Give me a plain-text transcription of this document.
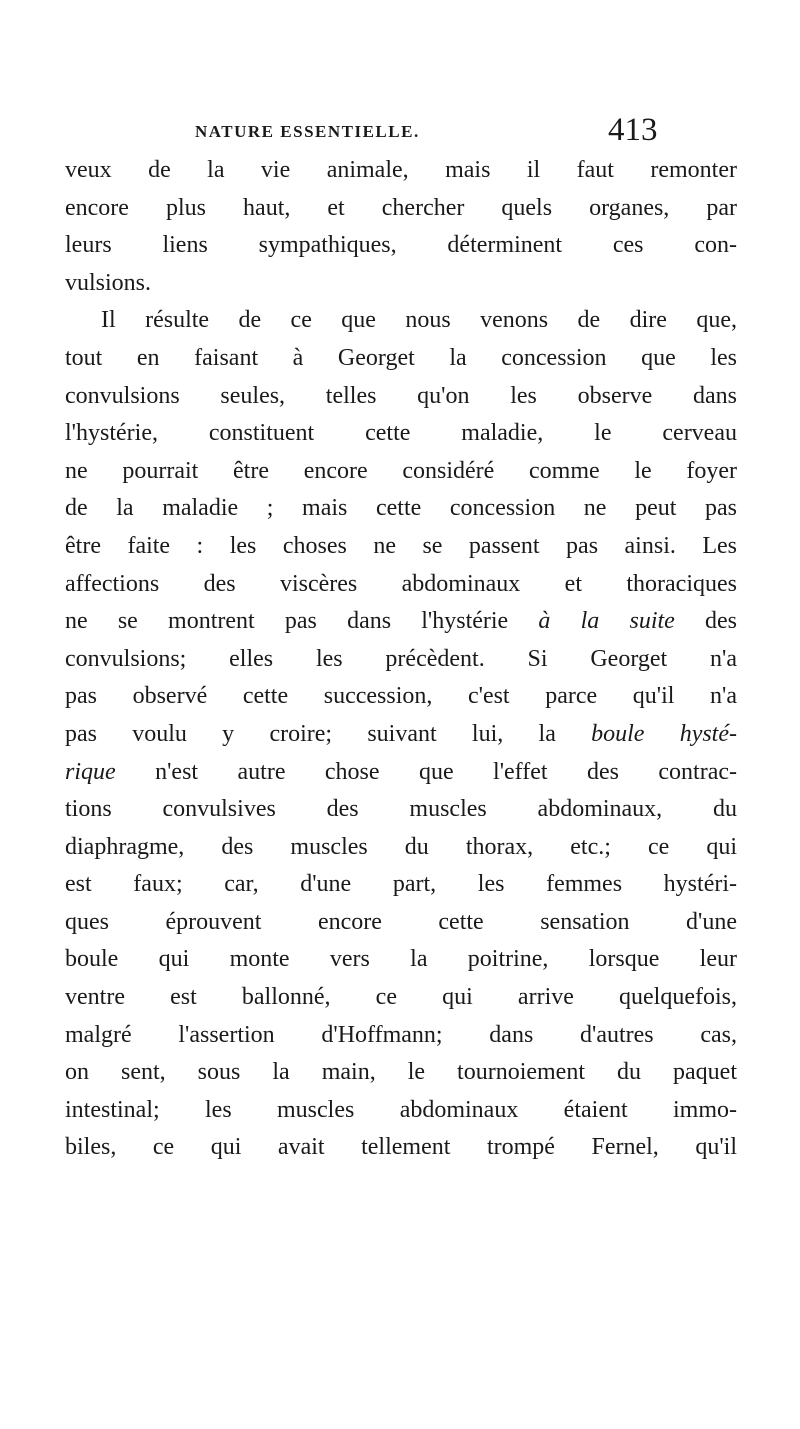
NATURE ESSENTIELLE.	413
veux de la vie animale, mais il faut remonter
encore plus haut, et chercher quels organes, par
leurs liens sympathiques, déterminent ces con-
vulsions.
Il résulte de ce que nous venons de dire que,
tout en faisant à Georget la concession que les
convulsions seules, telles qu'on les observe dans
l'hystérie, constituent cette maladie, le cerveau
ne pourrait être encore considéré comme le foyer
de la maladie ; mais cette concession ne peut pas
être faite : les choses ne se passent pas ainsi. Les
affections des viscères abdominaux et thoraciques
ne se montrent pas dans l'hystérie à la suite des
convulsions; elles les précèdent. Si Georget n'a
pas observé cette succession, c'est parce qu'il n'a
pas voulu y croire; suivant lui, la boule hysté-
rique n'est autre chose que l'effet des contrac-
tions convulsives des muscles abdominaux, du
diaphragme, des muscles du thorax, etc.; ce qui
est faux; car, d'une part, les femmes hystéri-
ques éprouvent encore cette sensation d'une
boule qui monte vers la poitrine, lorsque leur
ventre est ballonné, ce qui arrive quelquefois,
malgré l'assertion d'Hoffmann; dans d'autres cas,
on sent, sous la main, le tournoiement du paquet
intestinal; les muscles abdominaux étaient immo-
biles, ce qui avait tellement trompé Fernel, qu'il
